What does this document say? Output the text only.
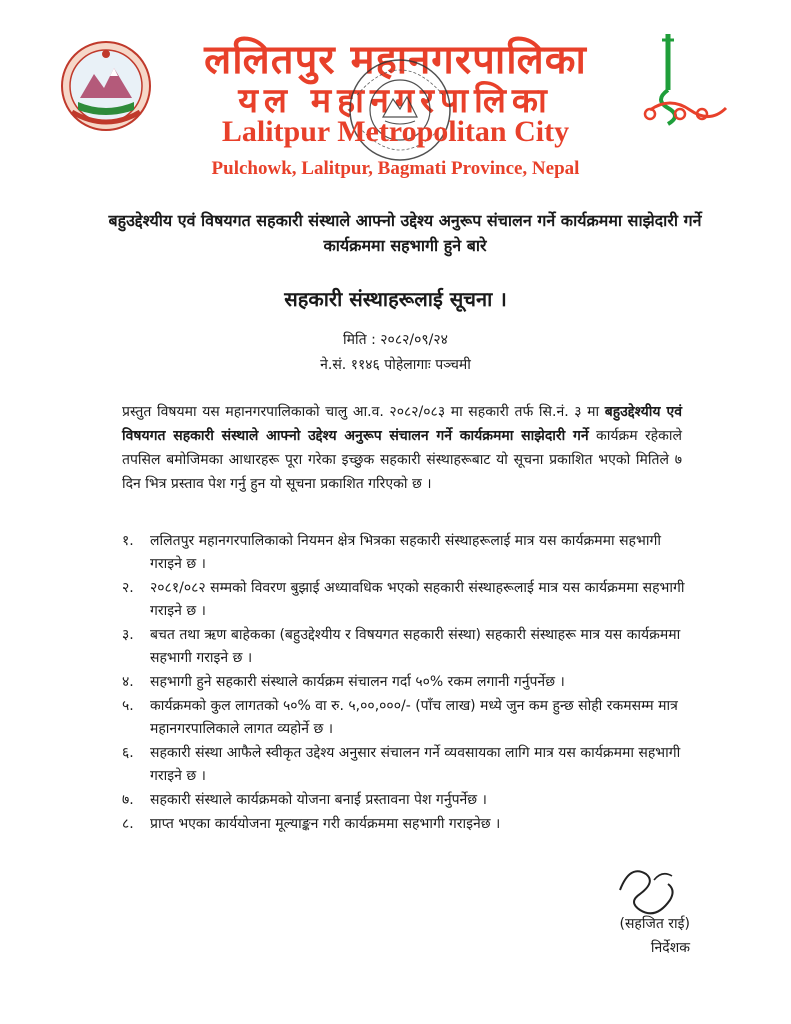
ललितपुर महानगरपालिका
यल महानगरपालिका
Lalitpur Metropolitan City
Pulchowk, Lalitpur, Bagmati Province, Nepal
बहुउद्देश्यीय एवं विषयगत सहकारी संस्थाले आफ्नो उद्देश्य अनुरूप संचालन गर्ने कार्यक्रममा साझेदारी गर्ने कार्यक्रममा सहभागी हुने बारे
सहकारी संस्थाहरूलाई सूचना ।
मिति : २०८२/०९/२४
ने.सं. ११४६ पोहेलागाः पञ्चमी
प्रस्तुत विषयमा यस महानगरपालिकाको चालु आ.व. २०८२/०८३ मा सहकारी तर्फ सि.नं. ३ मा बहुउद्देश्यीय एवं विषयगत सहकारी संस्थाले आफ्नो उद्देश्य अनुरूप संचालन गर्ने कार्यक्रममा साझेदारी गर्ने कार्यक्रम रहेकाले तपसिल बमोजिमका आधारहरू पूरा गरेका इच्छुक सहकारी संस्थाहरूबाट यो सूचना प्रकाशित भएको मितिले ७ दिन भित्र प्रस्ताव पेश गर्नु हुन यो सूचना प्रकाशित गरिएको छ ।
१. ललितपुर महानगरपालिकाको नियमन क्षेत्र भित्रका सहकारी संस्थाहरूलाई मात्र यस कार्यक्रममा सहभागी गराइने छ ।
२. २०८१/०८२ सम्मको विवरण बुझाई अध्यावधिक भएको सहकारी संस्थाहरूलाई मात्र यस कार्यक्रममा सहभागी गराइने छ ।
३. बचत तथा ऋण बाहेकका (बहुउद्देश्यीय र विषयगत सहकारी संस्था) सहकारी संस्थाहरू मात्र यस कार्यक्रममा सहभागी गराइने छ ।
४. सहभागी हुने सहकारी संस्थाले कार्यक्रम संचालन गर्दा ५०% रकम लगानी गर्नुपर्नेछ ।
५. कार्यक्रमको कुल लागतको ५०% वा रु. ५,००,०००/- (पाँच लाख) मध्ये जुन कम हुन्छ सोही रकमसम्म मात्र महानगरपालिकाले लागत व्यहोर्ने छ ।
६. सहकारी संस्था आफैले स्वीकृत उद्देश्य अनुसार संचालन गर्ने व्यवसायका लागि मात्र यस कार्यक्रममा सहभागी गराइने छ ।
७. सहकारी संस्थाले कार्यक्रमको योजना बनाई प्रस्तावना पेश गर्नुपर्नेछ ।
८. प्राप्त भएका कार्ययोजना मूल्याङ्कन गरी कार्यक्रममा सहभागी गराइनेछ ।
(सहजित राई)
निर्देशक
